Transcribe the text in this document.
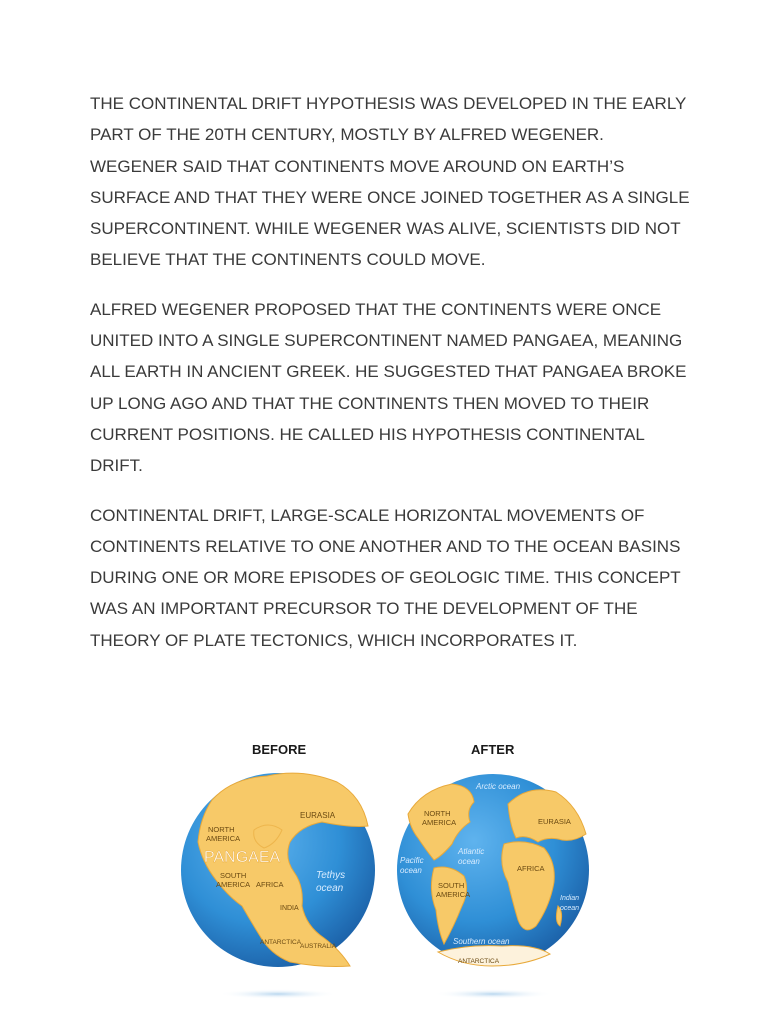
THE CONTINENTAL DRIFT HYPOTHESIS WAS DEVELOPED IN THE EARLY PART OF THE 20TH CENTURY, MOSTLY BY ALFRED WEGENER. WEGENER SAID THAT CONTINENTS MOVE AROUND ON EARTH’S SURFACE AND THAT THEY WERE ONCE JOINED TOGETHER AS A SINGLE SUPERCONTINENT. WHILE WEGENER WAS ALIVE, SCIENTISTS DID NOT BELIEVE THAT THE CONTINENTS COULD MOVE.

ALFRED WEGENER PROPOSED THAT THE CONTINENTS WERE ONCE UNITED INTO A SINGLE SUPERCONTINENT NAMED PANGAEA, MEANING ALL EARTH IN ANCIENT GREEK. HE SUGGESTED THAT PANGAEA BROKE UP LONG AGO AND THAT THE CONTINENTS THEN MOVED TO THEIR CURRENT POSITIONS. HE CALLED HIS HYPOTHESIS CONTINENTAL DRIFT.

CONTINENTAL DRIFT, LARGE-SCALE HORIZONTAL MOVEMENTS OF CONTINENTS RELATIVE TO ONE ANOTHER AND TO THE OCEAN BASINS DURING ONE OR MORE EPISODES OF GEOLOGIC TIME. THIS CONCEPT WAS AN IMPORTANT PRECURSOR TO THE DEVELOPMENT OF THE THEORY OF PLATE TECTONICS, WHICH INCORPORATES IT.

BEFORE	AFTER
EURASIA
NORTH
AMERICA
PANGAEA
Tethys
ocean
SOUTH
AMERICA AFRICA
INDIA
ANTARCTICA
AUSTRALIA
Arctic ocean
NORTH
AMERICA	EURASIA
Atlantic
ocean
Pacific
ocean	AFRICA
SOUTH
AMERICA	Indian
ocean
Southern ocean
ANTARCTICA
